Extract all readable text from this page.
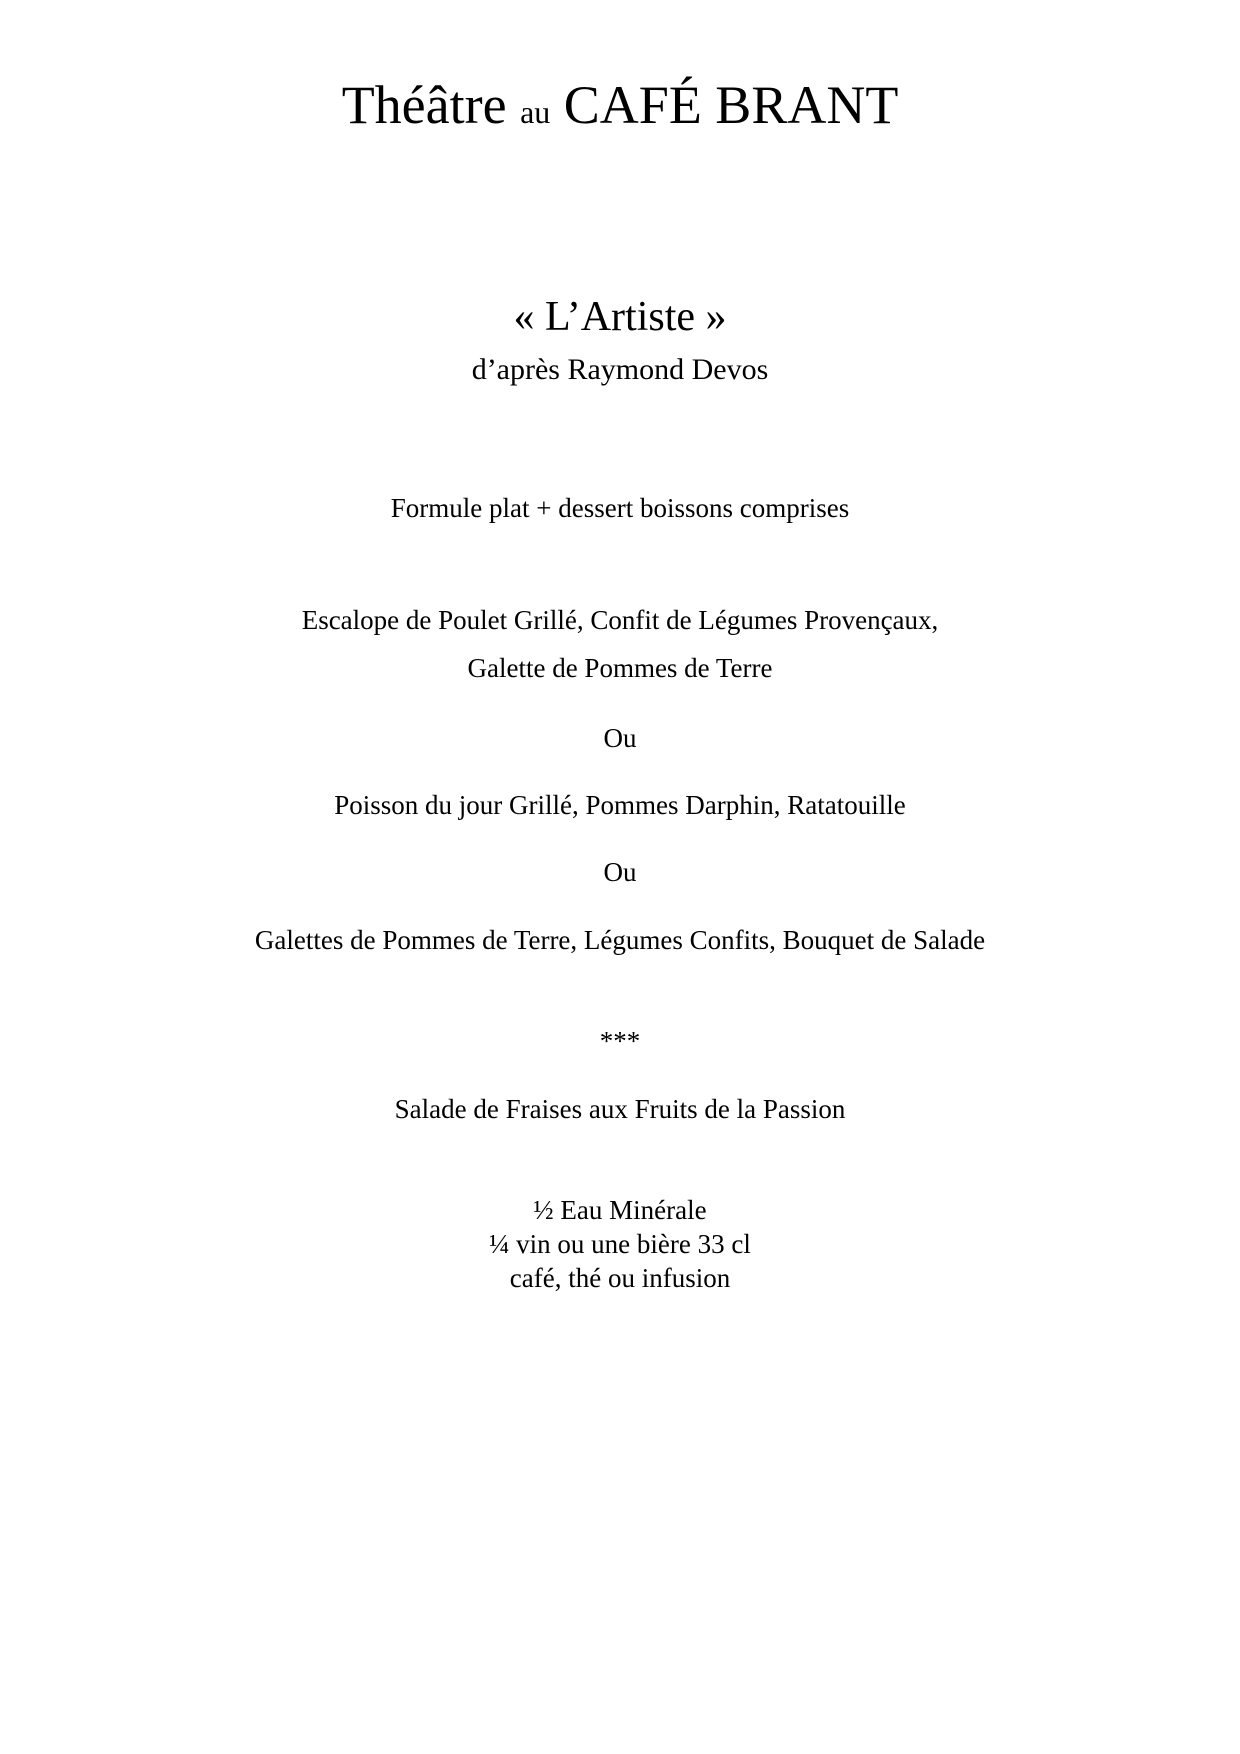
Théâtre au CAFÉ BRANT
« L’Artiste »
d’après Raymond Devos
Formule plat + dessert boissons comprises
Escalope de Poulet Grillé, Confit de Légumes Provençaux,
Galette de Pommes de Terre
Ou
Poisson du jour Grillé, Pommes Darphin, Ratatouille
Ou
Galettes de Pommes de Terre, Légumes Confits, Bouquet de Salade
***
Salade de Fraises aux Fruits de la Passion
½ Eau Minérale
¼ vin ou une bière 33 cl
café, thé ou infusion
